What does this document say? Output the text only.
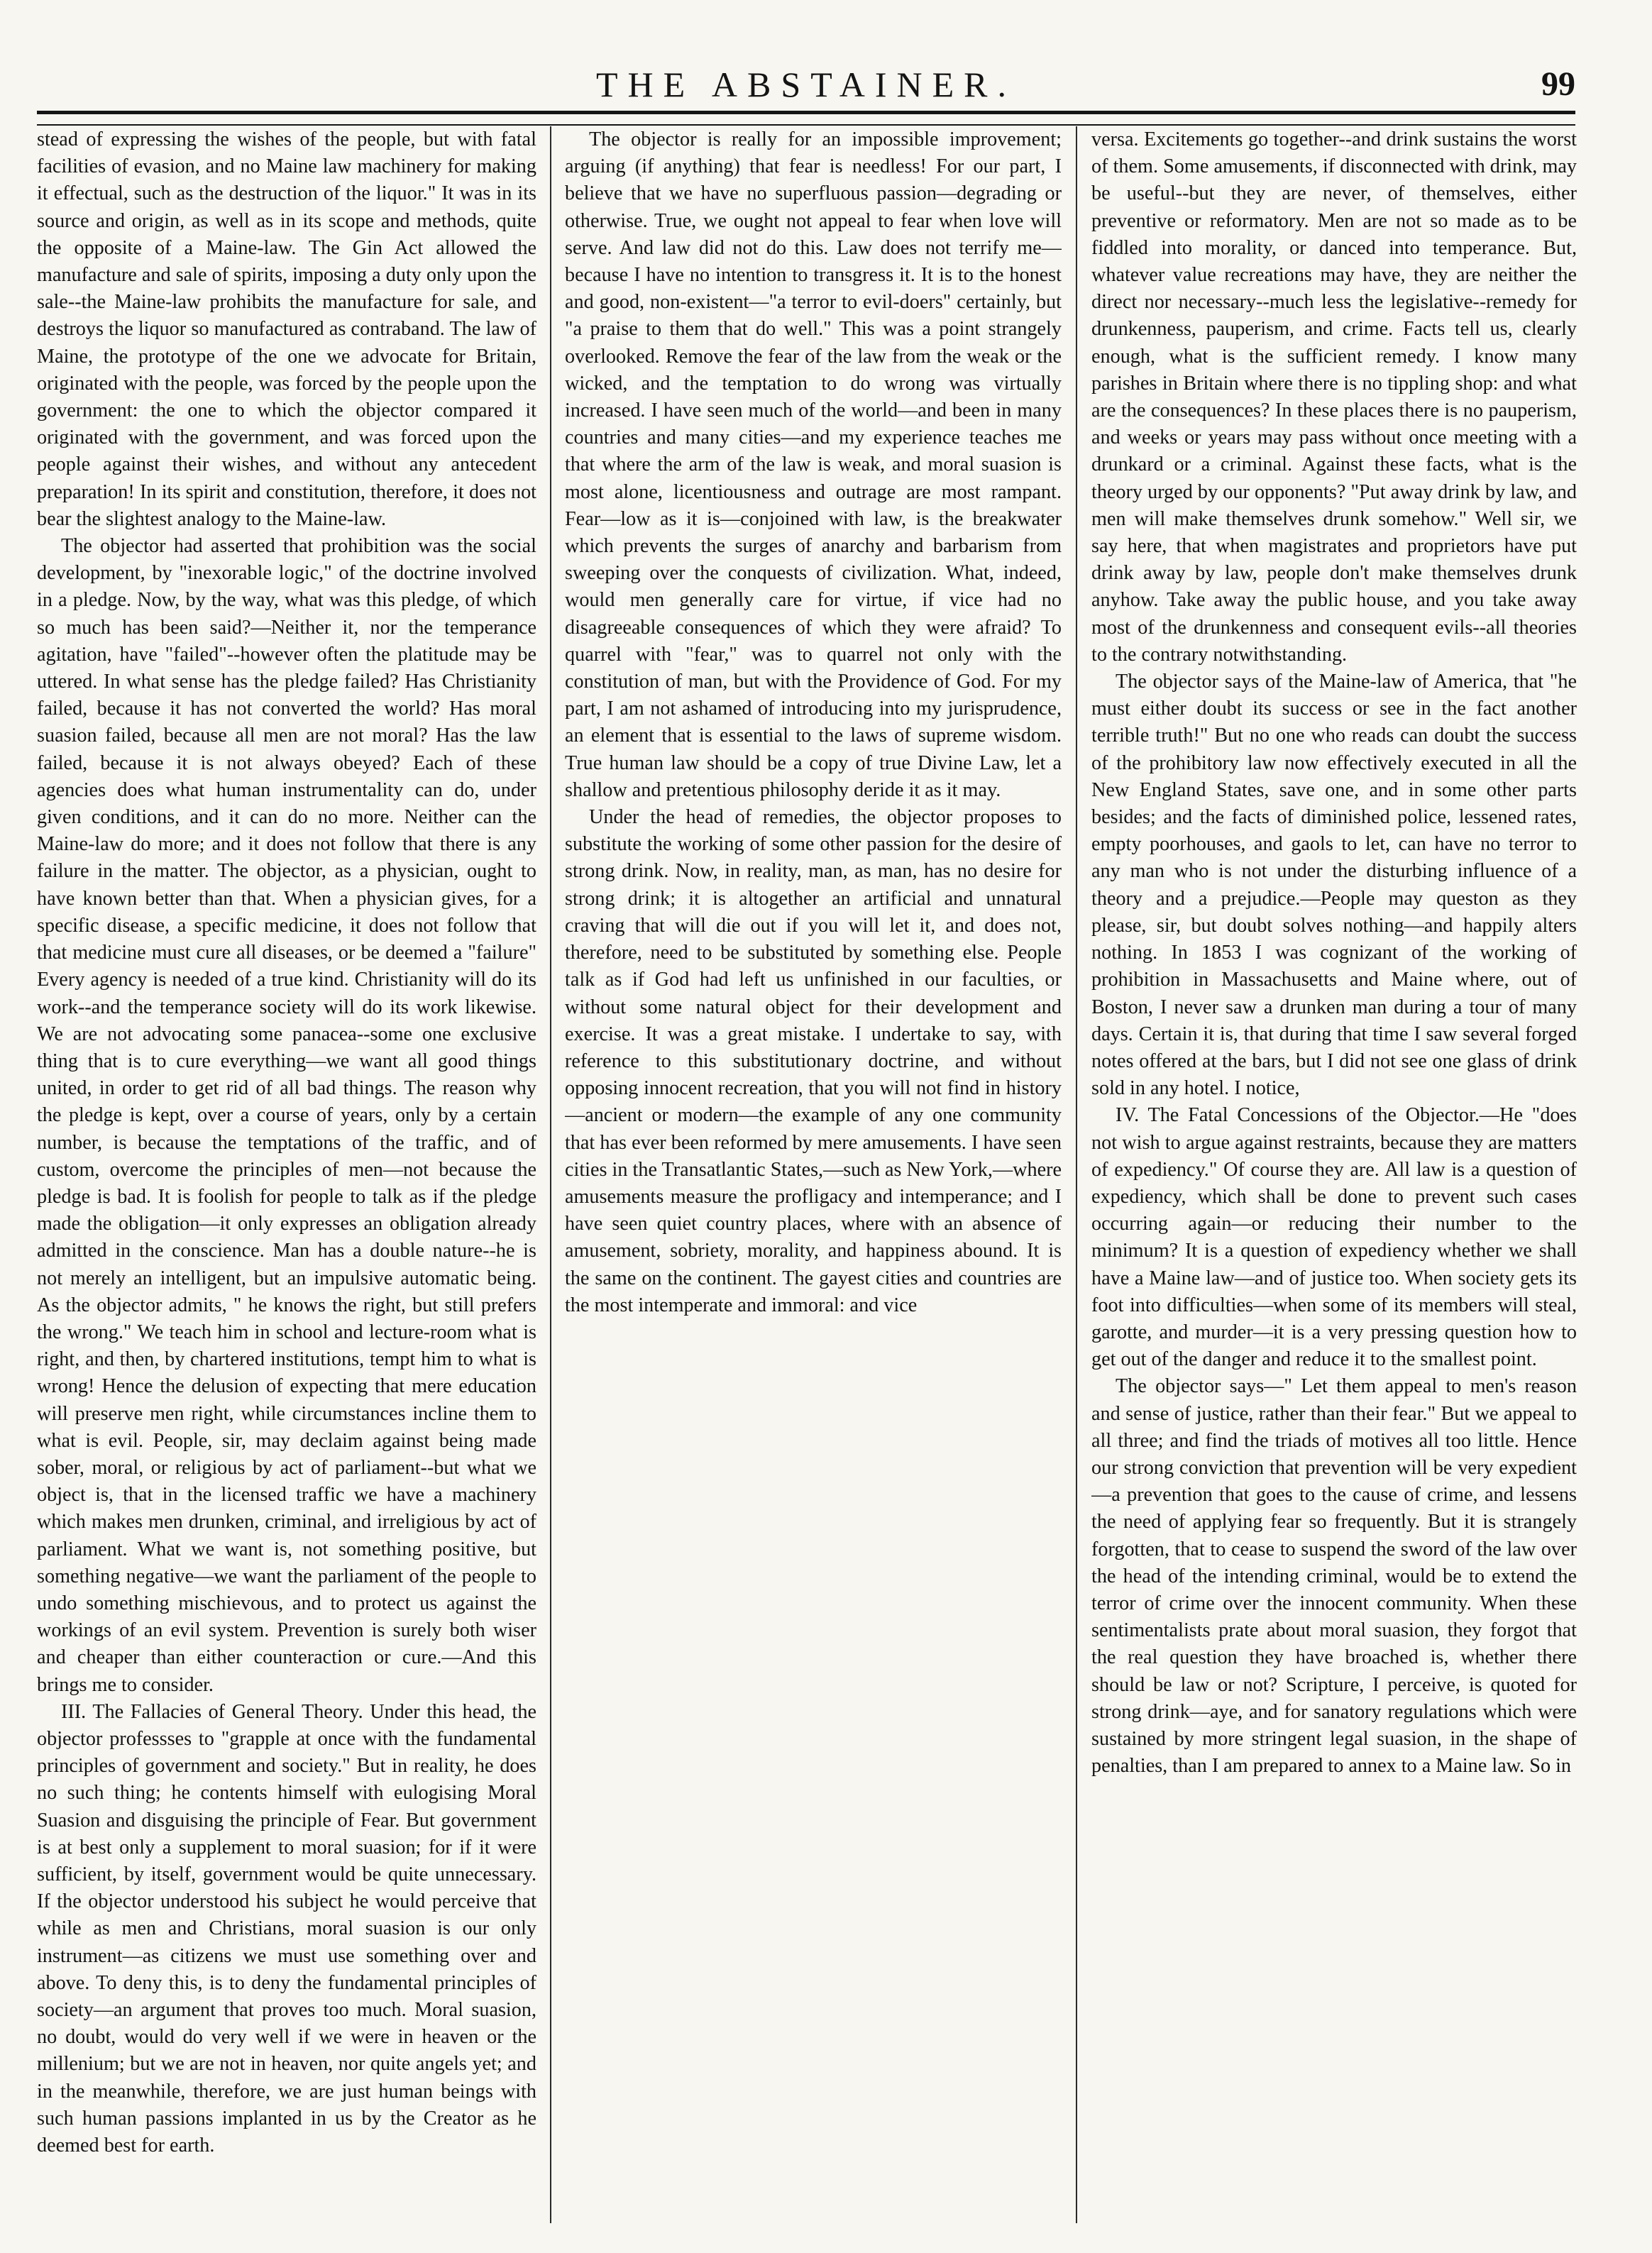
THE ABSTAINER.	99

stead of expressing the wishes of the people, but with fatal facilities of evasion, and no Maine law machinery for making it effectual, such as the destruction of the liquor." It was in its source and origin, as well as in its scope and methods, quite the opposite of a Maine-law. The Gin Act allowed the manufacture and sale of spirits, imposing a duty only upon the sale--the Maine-law prohibits the manufacture for sale, and destroys the liquor so manufactured as contraband. The law of Maine, the prototype of the one we advocate for Britain, originated with the people, was forced by the people upon the government: the one to which the objector compared it originated with the government, and was forced upon the people against their wishes, and without any antecedent preparation! In its spirit and constitution, therefore, it does not bear the slightest analogy to the Maine-law.

The objector had asserted that prohibition was the social development, by "inexorable logic," of the doctrine involved in a pledge. Now, by the way, what was this pledge, of which so much has been said?—Neither it, nor the temperance agitation, have "failed"--however often the platitude may be uttered. In what sense has the pledge failed? Has Christianity failed, because it has not converted the world? Has moral suasion failed, because all men are not moral? Has the law failed, because it is not always obeyed? Each of these agencies does what human instrumentality can do, under given conditions, and it can do no more. Neither can the Maine-law do more; and it does not follow that there is any failure in the matter. The objector, as a physician, ought to have known better than that. When a physician gives, for a specific disease, a specific medicine, it does not follow that that medicine must cure all diseases, or be deemed a "failure" Every agency is needed of a true kind. Christianity will do its work--and the temperance society will do its work likewise. We are not advocating some panacea--some one exclusive thing that is to cure everything—we want all good things united, in order to get rid of all bad things. The reason why the pledge is kept, over a course of years, only by a certain number, is because the temptations of the traffic, and of custom, overcome the principles of men—not because the pledge is bad. It is foolish for people to talk as if the pledge made the obligation—it only expresses an obligation already admitted in the conscience. Man has a double nature--he is not merely an intelligent, but an impulsive automatic being. As the objector admits, " he knows the right, but still prefers the wrong." We teach him in school and lecture-room what is right, and then, by chartered institutions, tempt him to what is wrong! Hence the delusion of expecting that mere education will preserve men right, while circumstances incline them to what is evil. People, sir, may declaim against being made sober, moral, or religious by act of parliament--but what we object is, that in the licensed traffic we have a machinery which makes men drunken, criminal, and irreligious by act of parliament. What we want is, not something positive, but something negative—we want the parliament of the people to undo something mischievous, and to protect us against the workings of an evil system. Prevention is surely both wiser and cheaper than either counteraction or cure.—And this brings me to consider.

III. The Fallacies of General Theory. Under this head, the objector professses to "grapple at once with the fundamental principles of government and society." But in reality, he does no such thing; he contents himself with eulogising Moral Suasion and disguising the principle of Fear. But government is at best only a supplement to moral suasion; for if it were sufficient, by itself, government would be quite unnecessary. If the objector understood his subject he would perceive that while as men and Christians, moral suasion is our only instrument—as citizens we must use something over and above. To deny this, is to deny the fundamental principles of society—an argument that proves too much. Moral suasion, no doubt, would do very well if we were in heaven or the millenium; but we are not in heaven, nor quite angels yet; and in the meanwhile, therefore, we are just human beings with such human passions implanted in us by the Creator as he deemed best for earth.

The objector is really for an impossible improvement; arguing (if anything) that fear is needless! For our part, I believe that we have no superfluous passion—degrading or otherwise. True, we ought not appeal to fear when love will serve. And law did not do this. Law does not terrify me—because I have no intention to transgress it. It is to the honest and good, non-existent—"a terror to evil-doers" certainly, but "a praise to them that do well." This was a point strangely overlooked. Remove the fear of the law from the weak or the wicked, and the temptation to do wrong was virtually increased. I have seen much of the world—and been in many countries and many cities—and my experience teaches me that where the arm of the law is weak, and moral suasion is most alone, licentiousness and outrage are most rampant. Fear—low as it is—conjoined with law, is the breakwater which prevents the surges of anarchy and barbarism from sweeping over the conquests of civilization. What, indeed, would men generally care for virtue, if vice had no disagreeable consequences of which they were afraid? To quarrel with "fear," was to quarrel not only with the constitution of man, but with the Providence of God. For my part, I am not ashamed of introducing into my jurisprudence, an element that is essential to the laws of supreme wisdom. True human law should be a copy of true Divine Law, let a shallow and pretentious philosophy deride it as it may.

Under the head of remedies, the objector proposes to substitute the working of some other passion for the desire of strong drink. Now, in reality, man, as man, has no desire for strong drink; it is altogether an artificial and unnatural craving that will die out if you will let it, and does not, therefore, need to be substituted by something else. People talk as if God had left us unfinished in our faculties, or without some natural object for their development and exercise. It was a great mistake. I undertake to say, with reference to this substitutionary doctrine, and without opposing innocent recreation, that you will not find in history—ancient or modern—the example of any one community that has ever been reformed by mere amusements. I have seen cities in the Transatlantic States,—such as New York,—where amusements measure the profligacy and intemperance; and I have seen quiet country places, where with an absence of amusement, sobriety, morality, and happiness abound. It is the same on the continent. The gayest cities and countries are the most intemperate and immoral: and vice

versa. Excitements go together--and drink sustains the worst of them. Some amusements, if disconnected with drink, may be useful--but they are never, of themselves, either preventive or reformatory. Men are not so made as to be fiddled into morality, or danced into temperance. But, whatever value recreations may have, they are neither the direct nor necessary--much less the legislative--remedy for drunkenness, pauperism, and crime. Facts tell us, clearly enough, what is the sufficient remedy. I know many parishes in Britain where there is no tippling shop: and what are the consequences? In these places there is no pauperism, and weeks or years may pass without once meeting with a drunkard or a criminal. Against these facts, what is the theory urged by our opponents? "Put away drink by law, and men will make themselves drunk somehow." Well sir, we say here, that when magistrates and proprietors have put drink away by law, people don't make themselves drunk anyhow. Take away the public house, and you take away most of the drunkenness and consequent evils--all theories to the contrary notwithstanding.

The objector says of the Maine-law of America, that "he must either doubt its success or see in the fact another terrible truth!" But no one who reads can doubt the success of the prohibitory law now effectively executed in all the New England States, save one, and in some other parts besides; and the facts of diminished police, lessened rates, empty poorhouses, and gaols to let, can have no terror to any man who is not under the disturbing influence of a theory and a prejudice.—People may queston as they please, sir, but doubt solves nothing—and happily alters nothing. In 1853 I was cognizant of the working of prohibition in Massachusetts and Maine where, out of Boston, I never saw a drunken man during a tour of many days. Certain it is, that during that time I saw several forged notes offered at the bars, but I did not see one glass of drink sold in any hotel. I notice,

IV. The Fatal Concessions of the Objector.—He "does not wish to argue against restraints, because they are matters of expediency." Of course they are. All law is a question of expediency, which shall be done to prevent such cases occurring again—or reducing their number to the minimum? It is a question of expediency whether we shall have a Maine law—and of justice too. When society gets its foot into difficulties—when some of its members will steal, garotte, and murder—it is a very pressing question how to get out of the danger and reduce it to the smallest point.

The objector says—" Let them appeal to men's reason and sense of justice, rather than their fear." But we appeal to all three; and find the triads of motives all too little. Hence our strong conviction that prevention will be very expedient—a prevention that goes to the cause of crime, and lessens the need of applying fear so frequently. But it is strangely forgotten, that to cease to suspend the sword of the law over the head of the intending criminal, would be to extend the terror of crime over the innocent community. When these sentimentalists prate about moral suasion, they forgot that the real question they have broached is, whether there should be law or not? Scripture, I perceive, is quoted for strong drink—aye, and for sanatory regulations which were sustained by more stringent legal suasion, in the shape of penalties, than I am prepared to annex to a Maine law. So in
